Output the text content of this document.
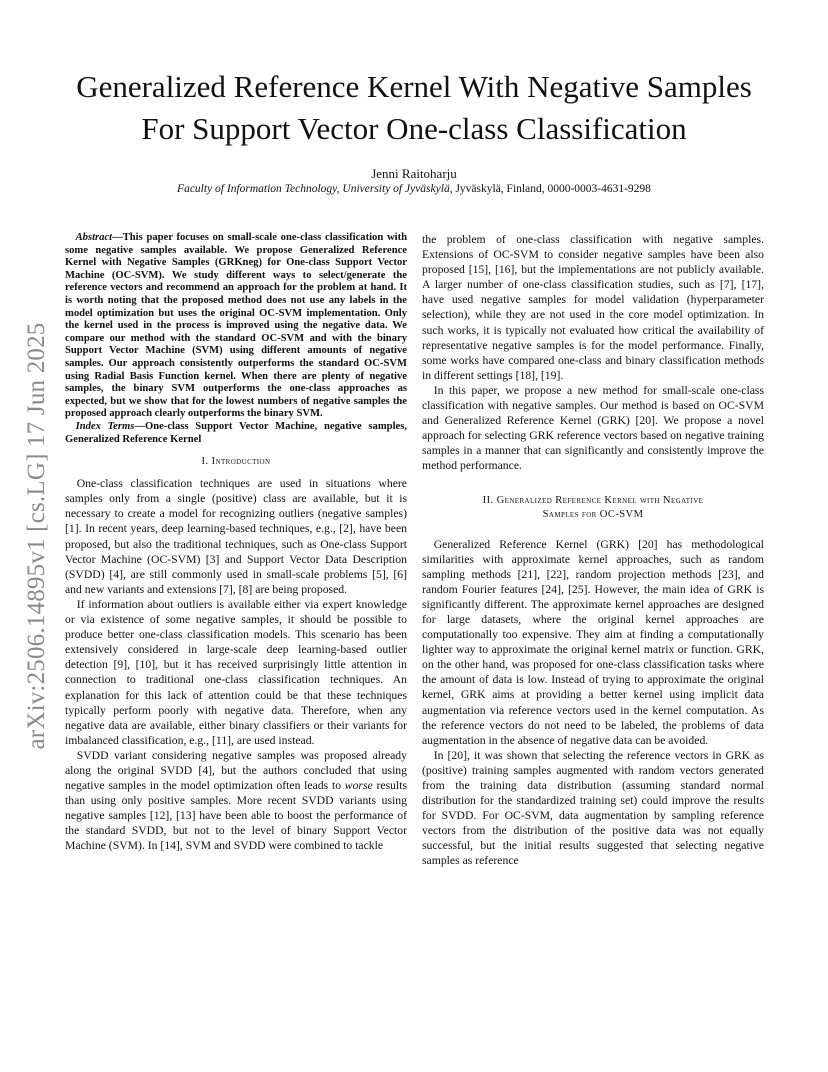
arXiv:2506.14895v1 [cs.LG] 17 Jun 2025
Generalized Reference Kernel With Negative Samples For Support Vector One-class Classification
Jenni Raitoharju
Faculty of Information Technology, University of Jyväskylä, Jyväskylä, Finland, 0000-0003-4631-9298

Abstract—This paper focuses on small-scale one-class classification with some negative samples available. We propose Generalized Reference Kernel with Negative Samples (GRKneg) for One-class Support Vector Machine (OC-SVM). We study different ways to select/generate the reference vectors and recommend an approach for the problem at hand. It is worth noting that the proposed method does not use any labels in the model optimization but uses the original OC-SVM implementation. Only the kernel used in the process is improved using the negative data. We compare our method with the standard OC-SVM and with the binary Support Vector Machine (SVM) using different amounts of negative samples. Our approach consistently outperforms the standard OC-SVM using Radial Basis Function kernel. When there are plenty of negative samples, the binary SVM outperforms the one-class approaches as expected, but we show that for the lowest numbers of negative samples the proposed approach clearly outperforms the binary SVM.

Index Terms—One-class Support Vector Machine, negative samples, Generalized Reference Kernel

I. Introduction

One-class classification techniques are used in situations where samples only from a single (positive) class are available, but it is necessary to create a model for recognizing outliers (negative samples) [1]. In recent years, deep learning-based techniques, e.g., [2], have been proposed, but also the traditional techniques, such as One-class Support Vector Machine (OC-SVM) [3] and Support Vector Data Description (SVDD) [4], are still commonly used in small-scale problems [5], [6] and new variants and extensions [7], [8] are being proposed.

If information about outliers is available either via expert knowledge or via existence of some negative samples, it should be possible to produce better one-class classification models. This scenario has been extensively considered in large-scale deep learning-based outlier detection [9], [10], but it has received surprisingly little attention in connection to traditional one-class classification techniques. An explanation for this lack of attention could be that these techniques typically perform poorly with negative data. Therefore, when any negative data are available, either binary classifiers or their variants for imbalanced classification, e.g., [11], are used instead.

SVDD variant considering negative samples was proposed already along the original SVDD [4], but the authors concluded that using negative samples in the model optimization often leads to worse results than using only positive samples. More recent SVDD variants using negative samples [12], [13] have been able to boost the performance of the standard SVDD, but not to the level of binary Support Vector Machine (SVM). In [14], SVM and SVDD were combined to tackle

the problem of one-class classification with negative samples. Extensions of OC-SVM to consider negative samples have been also proposed [15], [16], but the implementations are not publicly available. A larger number of one-class classification studies, such as [7], [17], have used negative samples for model validation (hyperparameter selection), while they are not used in the core model optimization. In such works, it is typically not evaluated how critical the availability of representative negative samples is for the model performance. Finally, some works have compared one-class and binary classification methods in different settings [18], [19].

In this paper, we propose a new method for small-scale one-class classification with negative samples. Our method is based on OC-SVM and Generalized Reference Kernel (GRK) [20]. We propose a novel approach for selecting GRK reference vectors based on negative training samples in a manner that can significantly and consistently improve the method performance.

II. Generalized Reference Kernel with Negative
Samples for OC-SVM

Generalized Reference Kernel (GRK) [20] has methodological similarities with approximate kernel approaches, such as random sampling methods [21], [22], random projection methods [23], and random Fourier features [24], [25]. However, the main idea of GRK is significantly different. The approximate kernel approaches are designed for large datasets, where the original kernel approaches are computationally too expensive. They aim at finding a computationally lighter way to approximate the original kernel matrix or function. GRK, on the other hand, was proposed for one-class classification tasks where the amount of data is low. Instead of trying to approximate the original kernel, GRK aims at providing a better kernel using implicit data augmentation via reference vectors used in the kernel computation. As the reference vectors do not need to be labeled, the problems of data augmentation in the absence of negative data can be avoided.

In [20], it was shown that selecting the reference vectors in GRK as (positive) training samples augmented with random vectors generated from the training data distribution (assuming standard normal distribution for the standardized training set) could improve the results for SVDD. For OC-SVM, data augmentation by sampling reference vectors from the distribution of the positive data was not equally successful, but the initial results suggested that selecting negative samples as reference
